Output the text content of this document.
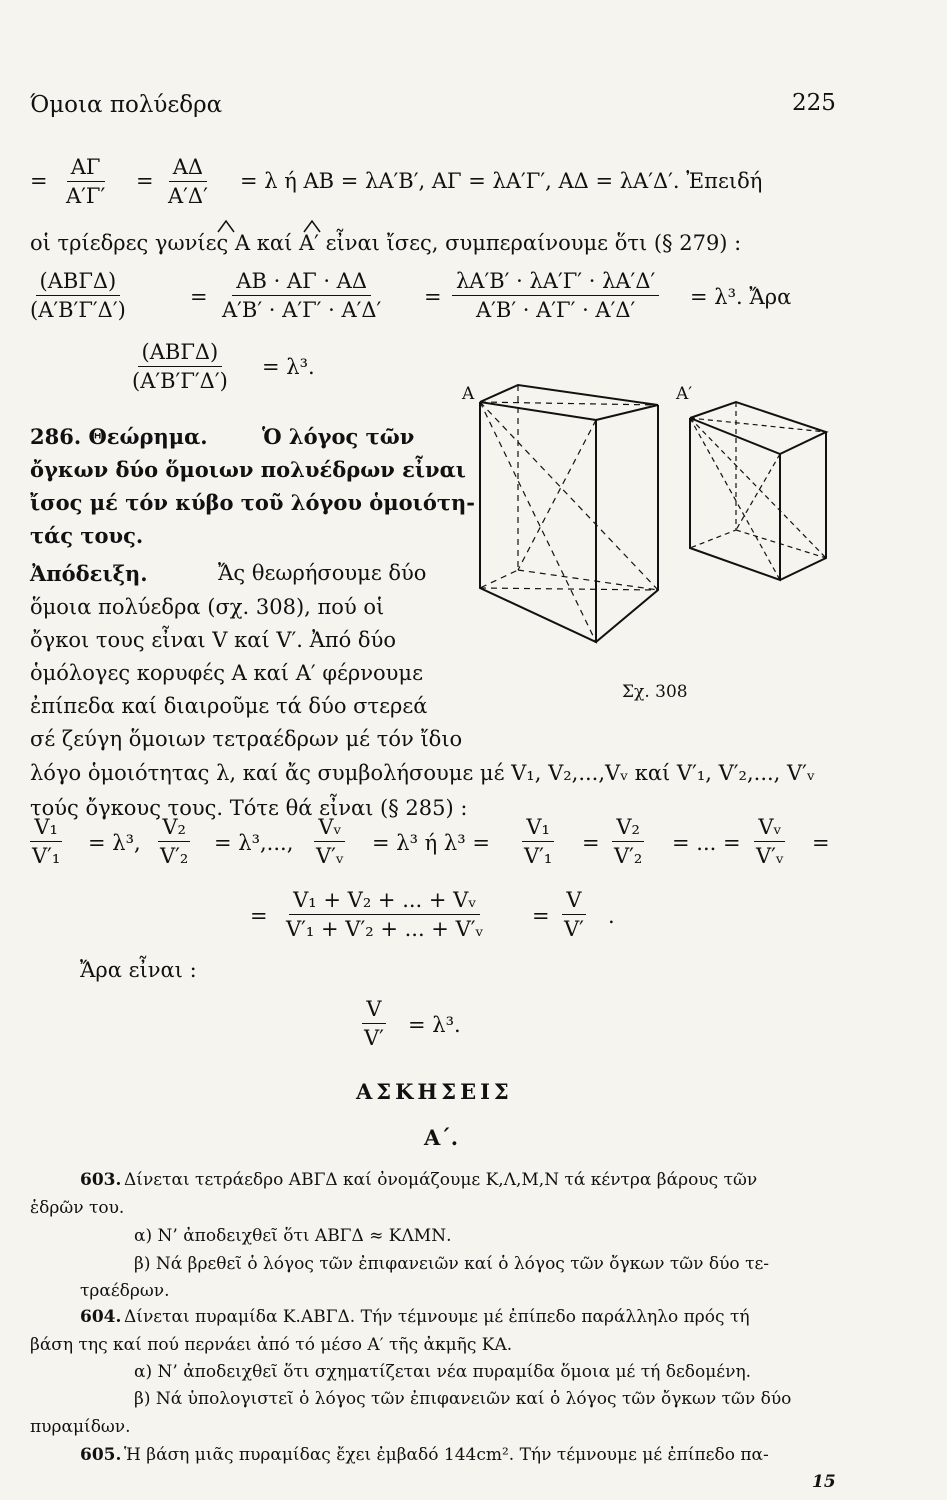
Όμοια πολύεδρα	225
= $\frac{A\Gamma}{A'\Gamma'} = \frac{A\Delta}{A'\Delta'} = \lambda$ ή ΑΒ = λΑ′Β′, ΑΓ = λΑ′Γ′, ΑΔ = λΑ′Δ′. Ἐπειδή
οἱ τρίεδρες γωνίες Α καί Α′ εἶναι ἴσες, συμπεραίνουμε ὅτι (§ 279) :
(ΑΒΓΔ)
(Α′Β′Γ′Δ′)
= $\frac{AB \cdot A\Gamma \cdot A\Delta}{A'B' \cdot A'\Gamma' \cdot A'\Delta'} = \frac{\lambda A'B' \cdot \lambda A'\Gamma' \cdot \lambda A'\Delta'}{A'B' \cdot A'\Gamma' \cdot A'\Delta'} = \lambda^3$. Ἄρα
(ΑΒΓΔ)
(Α′Β′Γ′Δ′)
= λ³.
286. Θεώρημα.	Ὁ λόγος τῶν
ὄγκων δύο ὅμοιων πολυέδρων εἶναι
ἴσος μέ τόν κύβο τοῦ λόγου ὁμοιότη-
τάς τους.
Ἀπόδειξη.	Ἄς θεωρήσουμε δύο
ὅμοια πολύεδρα (σχ. 308), πού οἱ
ὄγκοι τους εἶναι V καί V′. Ἀπό δύο
ὁμόλογες κορυφές Α καί Α′ φέρνουμε
ἐπίπεδα καί διαιροῦμε τά δύο στερεά
σέ ζεύγη ὅμοιων τετραέδρων μέ τόν ἴδιο
λόγο ὁμοιότητας λ, καί ἄς συμβολήσουμε μέ V₁, V₂,...,Vᵥ καί V′₁, V′₂,..., V′ᵥ
τούς ὄγκους τους. Τότε θά εἶναι (§ 285) :
Α	Α′
Σχ. 308
$\frac{\text{V₁}}{\text{V′₁}} = \lambda^3$, $\frac{\text{V₂}}{\text{V′₂}} = \lambda^3$,..., $\frac{\text{Vᵥ}}{\text{V′ᵥ}} = \lambda^3$ ή $\lambda^3 = \frac{\text{V₁}}{\text{V′₁}} = \frac{\text{V₂}}{\text{V′₂}}$ = ... = $\frac{\text{Vᵥ}}{\text{V′ᵥ}}$ =
= $\frac{\text{V₁ + V₂ + ... + Vᵥ}}{\text{V′₁ + V′₂ + ... + V′ᵥ}} = \frac{V}{V'}$ .
Ἄρα εἶναι :
$\frac{V}{V'} = \lambda^3$.
ΑΣΚΗΣΕΙΣ
Α΄.
603. Δίνεται τετράεδρο ΑΒΓΔ καί ὀνομάζουμε Κ,Λ,Μ,Ν τά κέντρα βάρους τῶν
ἑδρῶν του.
α) Ν’ ἀποδειχθεῖ ὅτι ΑΒΓΔ ≈ ΚΛΜΝ.
β) Νά βρεθεῖ ὁ λόγος τῶν ἐπιφανειῶν καί ὁ λόγος τῶν ὄγκων τῶν δύο τε-
τραέδρων.
604. Δίνεται πυραμίδα Κ.ΑΒΓΔ. Τήν τέμνουμε μέ ἐπίπεδο παράλληλο πρός τή
βάση της καί πού περνάει ἀπό τό μέσο Α′ τῆς ἀκμῆς ΚΑ.
α) Ν’ ἀποδειχθεῖ ὅτι σχηματίζεται νέα πυραμίδα ὅμοια μέ τή δεδομένη.
β) Νά ὑπολογιστεῖ ὁ λόγος τῶν ἐπιφανειῶν καί ὁ λόγος τῶν ὄγκων τῶν δύο
πυραμίδων.
605. Ἡ βάση μιᾶς πυραμίδας ἔχει ἐμβαδό 144cm². Τήν τέμνουμε μέ ἐπίπεδο πα-
15
